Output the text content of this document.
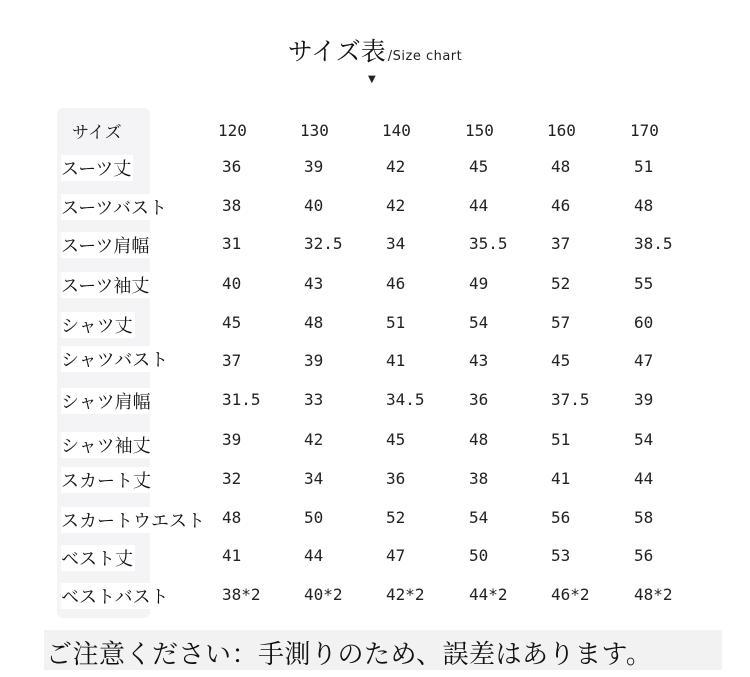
サイズ表 /Size chart
▼
サイズ	120	130	140	150	160	170
スーツ丈	36	39	42	45	48	51
スーツバスト	38	40	42	44	46	48
スーツ肩幅	31	32.5	34	35.5	37	38.5
スーツ袖丈	40	43	46	49	52	55
シャツ丈	45	48	51	54	57	60
シャツバスト	37	39	41	43	45	47
シャツ肩幅	31.5	33	34.5	36	37.5	39
シャツ袖丈	39	42	45	48	51	54
スカート丈	32	34	36	38	41	44
スカートウエスト 48	50	52	54	56	58
ベスト丈	41	44	47	50	53	56
ベストバスト	38*2	40*2	42*2	44*2	46*2	48*2
ご注意ください：手測りのため、誤差はあります。
